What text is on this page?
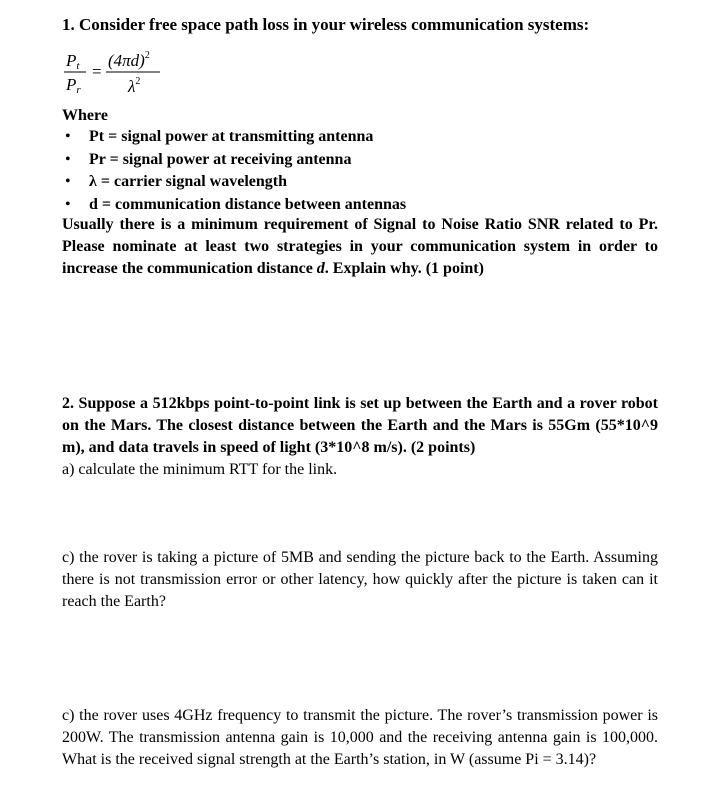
1. Consider free space path loss in your wireless communication systems:
Pt
Pr
=
$(4\pi d)^2$
$\lambda^2$
Where
• Pt = signal power at transmitting antenna
• Pr = signal power at receiving antenna
• λ = carrier signal wavelength
• d = communication distance between antennas
Usually there is a minimum requirement of Signal to Noise Ratio SNR related to Pr. Please nominate at least two strategies in your communication system in order to increase the communication distance d. Explain why. (1 point)
2. Suppose a 512kbps point-to-point link is set up between the Earth and a rover robot on the Mars. The closest distance between the Earth and the Mars is 55Gm (55*10^9 m), and data travels in speed of light (3*10^8 m/s). (2 points)
a) calculate the minimum RTT for the link.
c) the rover is taking a picture of 5MB and sending the picture back to the Earth. Assuming there is not transmission error or other latency, how quickly after the picture is taken can it reach the Earth?
c) the rover uses 4GHz frequency to transmit the picture. The rover’s transmission power is 200W. The transmission antenna gain is 10,000 and the receiving antenna gain is 100,000. What is the received signal strength at the Earth’s station, in W (assume Pi = 3.14)?
